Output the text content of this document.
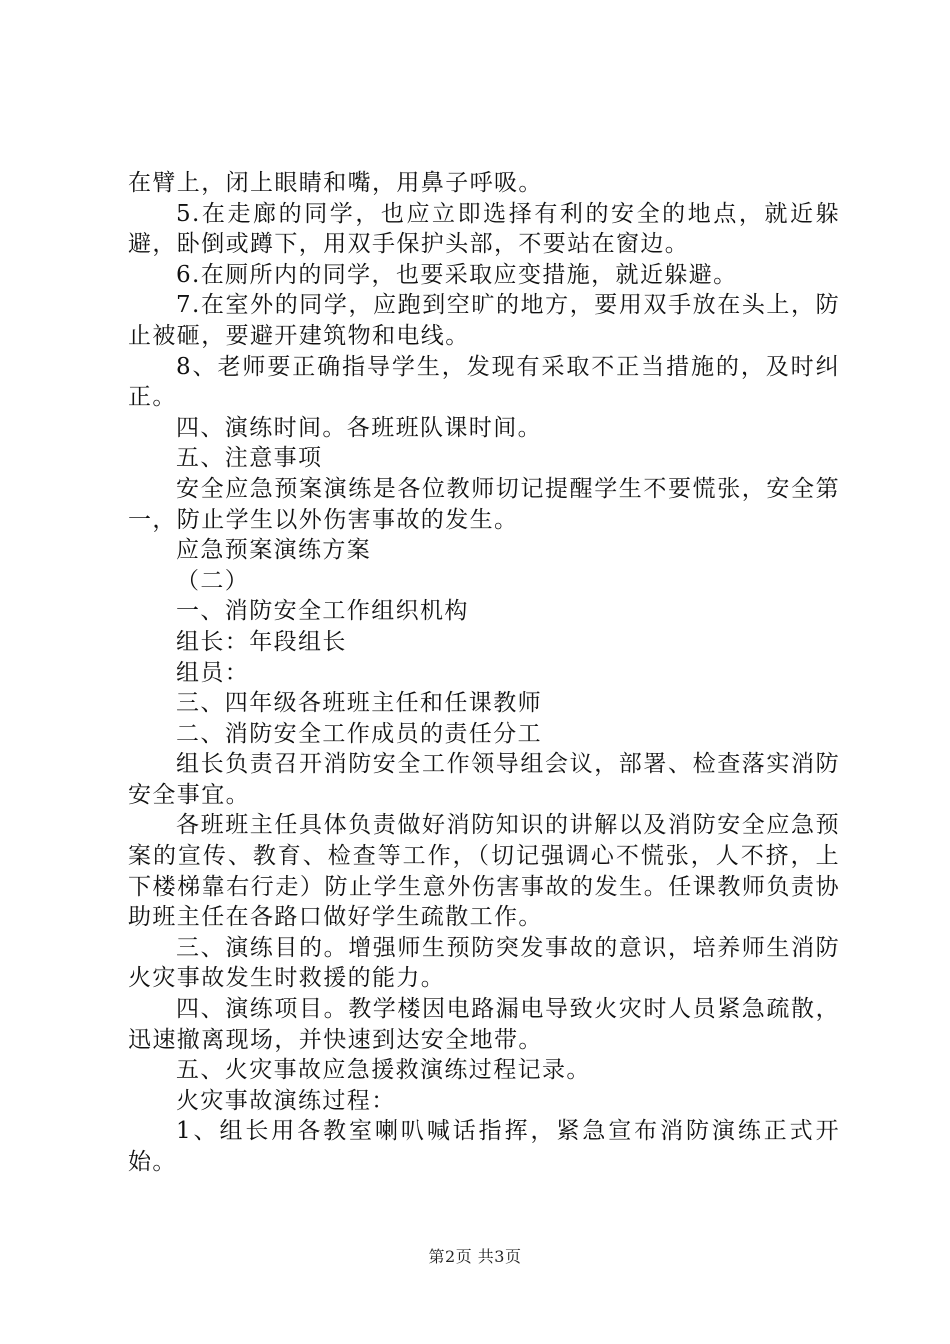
在臂上，闭上眼睛和嘴，用鼻子呼吸。

5.在走廊的同学，也应立即选择有利的安全的地点，就近躲避，卧倒或蹲下，用双手保护头部，不要站在窗边。

6.在厕所内的同学，也要采取应变措施，就近躲避。

7.在室外的同学，应跑到空旷的地方，要用双手放在头上，防止被砸，要避开建筑物和电线。

8、老师要正确指导学生，发现有采取不正当措施的，及时纠正。

四、演练时间。各班班队课时间。

五、注意事项

安全应急预案演练是各位教师切记提醒学生不要慌张，安全第一，防止学生以外伤害事故的发生。

应急预案演练方案

（二）

一、消防安全工作组织机构

组长：年段组长

组员：

三、四年级各班班主任和任课教师

二、消防安全工作成员的责任分工

组长负责召开消防安全工作领导组会议，部署、检查落实消防安全事宜。

各班班主任具体负责做好消防知识的讲解以及消防安全应急预案的宣传、教育、检查等工作，（切记强调心不慌张，人不挤，上下楼梯靠右行走）防止学生意外伤害事故的发生。任课教师负责协助班主任在各路口做好学生疏散工作。

三、演练目的。增强师生预防突发事故的意识，培养师生消防火灾事故发生时救援的能力。

四、演练项目。教学楼因电路漏电导致火灾时人员紧急疏散，迅速撤离现场，并快速到达安全地带。

五、火灾事故应急援救演练过程记录。

火灾事故演练过程：

1、组长用各教室喇叭喊话指挥，紧急宣布消防演练正式开始。

第2页 共3页
